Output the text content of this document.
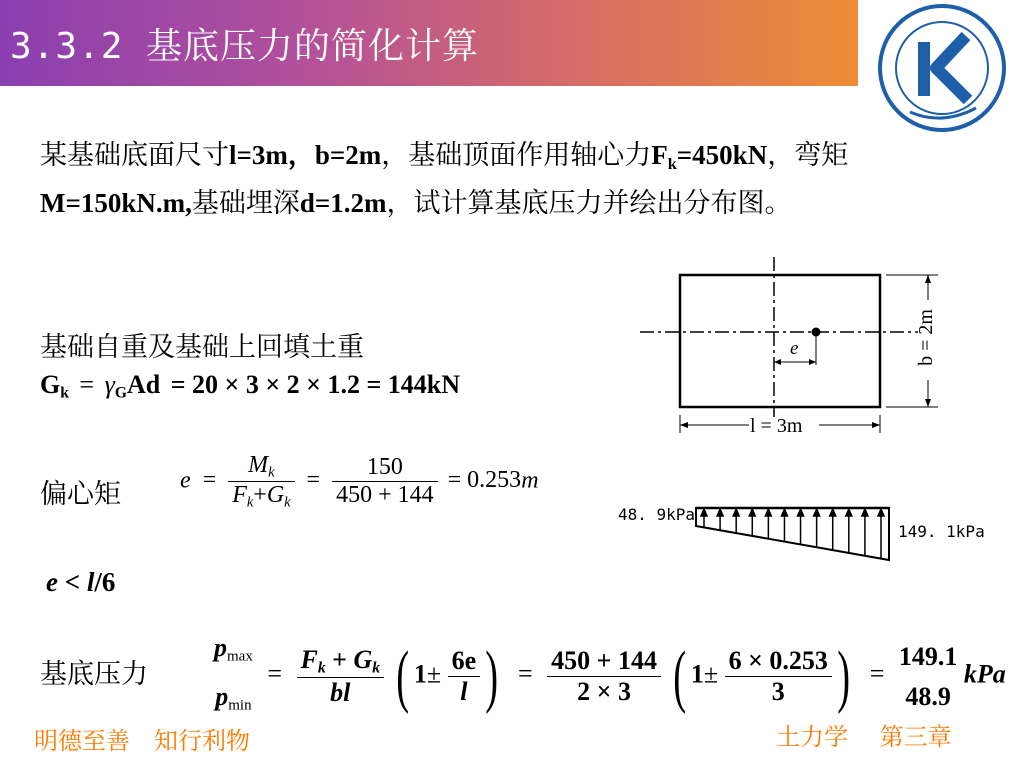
3.3.2 基底压力的简化计算
某基础底面尺寸l=3m，b=2m，基础顶面作用轴心力$F_k=450kN$，弯矩M=150kN.m,基础埋深d=1.2m，试计算基底压力并绘出分布图。
基础自重及基础上回填土重
$G_k = \gamma_GAd = 20 \times 3 \times 2 \times 1.2 = 144kN$
e
l = 3m
b = 2m
偏心矩 $e = \frac{M_k}{F_k+G_k} = \frac{150}{450 + 144} = 0.253m$
48. 9kPa
149. 1kPa
e < l/6
基底压力
$p_{max}$
$p_{min}$
= $\frac{F_k + G_k}{bl}$ ( $1\pm \frac{6e}{l}$ ) = $\frac{450 + 144}{2 \times 3}$ ( $1\pm \frac{6 \times 0.253}{3}$ ) =
149.1
48.9
kPa
明德至善　知行利物	土力学　 第三章
